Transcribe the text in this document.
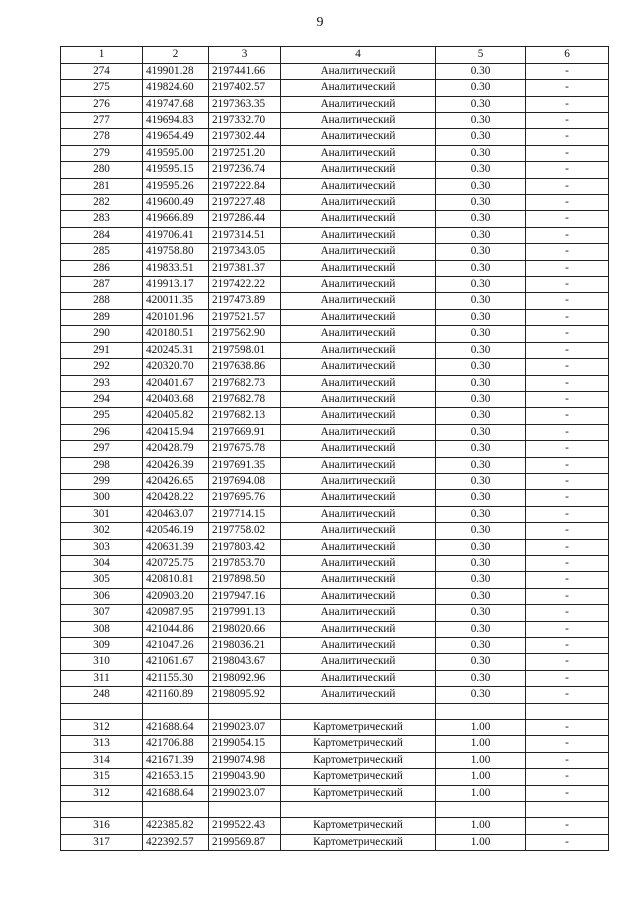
9
1	2	3	4	5	6
274	419901.28	2197441.66	Аналитический	0.30	-
275	419824.60	2197402.57	Аналитический	0.30	-
276	419747.68	2197363.35	Аналитический	0.30	-
277	419694.83	2197332.70	Аналитический	0.30	-
278	419654.49	2197302.44	Аналитический	0.30	-
279	419595.00	2197251.20	Аналитический	0.30	-
280	419595.15	2197236.74	Аналитический	0.30	-
281	419595.26	2197222.84	Аналитический	0.30	-
282	419600.49	2197227.48	Аналитический	0.30	-
283	419666.89	2197286.44	Аналитический	0.30	-
284	419706.41	2197314.51	Аналитический	0.30	-
285	419758.80	2197343.05	Аналитический	0.30	-
286	419833.51	2197381.37	Аналитический	0.30	-
287	419913.17	2197422.22	Аналитический	0.30	-
288	420011.35	2197473.89	Аналитический	0.30	-
289	420101.96	2197521.57	Аналитический	0.30	-
290	420180.51	2197562.90	Аналитический	0.30	-
291	420245.31	2197598.01	Аналитический	0.30	-
292	420320.70	2197638.86	Аналитический	0.30	-
293	420401.67	2197682.73	Аналитический	0.30	-
294	420403.68	2197682.78	Аналитический	0.30	-
295	420405.82	2197682.13	Аналитический	0.30	-
296	420415.94	2197669.91	Аналитический	0.30	-
297	420428.79	2197675.78	Аналитический	0.30	-
298	420426.39	2197691.35	Аналитический	0.30	-
299	420426.65	2197694.08	Аналитический	0.30	-
300	420428.22	2197695.76	Аналитический	0.30	-
301	420463.07	2197714.15	Аналитический	0.30	-
302	420546.19	2197758.02	Аналитический	0.30	-
303	420631.39	2197803.42	Аналитический	0.30	-
304	420725.75	2197853.70	Аналитический	0.30	-
305	420810.81	2197898.50	Аналитический	0.30	-
306	420903.20	2197947.16	Аналитический	0.30	-
307	420987.95	2197991.13	Аналитический	0.30	-
308	421044.86	2198020.66	Аналитический	0.30	-
309	421047.26	2198036.21	Аналитический	0.30	-
310	421061.67	2198043.67	Аналитический	0.30	-
311	421155.30	2198092.96	Аналитический	0.30	-
248	421160.89	2198095.92	Аналитический	0.30	-

312	421688.64	2199023.07	Картометрический	1.00	-
313	421706.88	2199054.15	Картометрический	1.00	-
314	421671.39	2199074.98	Картометрический	1.00	-
315	421653.15	2199043.90	Картометрический	1.00	-
312	421688.64	2199023.07	Картометрический	1.00	-

316	422385.82	2199522.43	Картометрический	1.00	-
317	422392.57	2199569.87	Картометрический	1.00	-
